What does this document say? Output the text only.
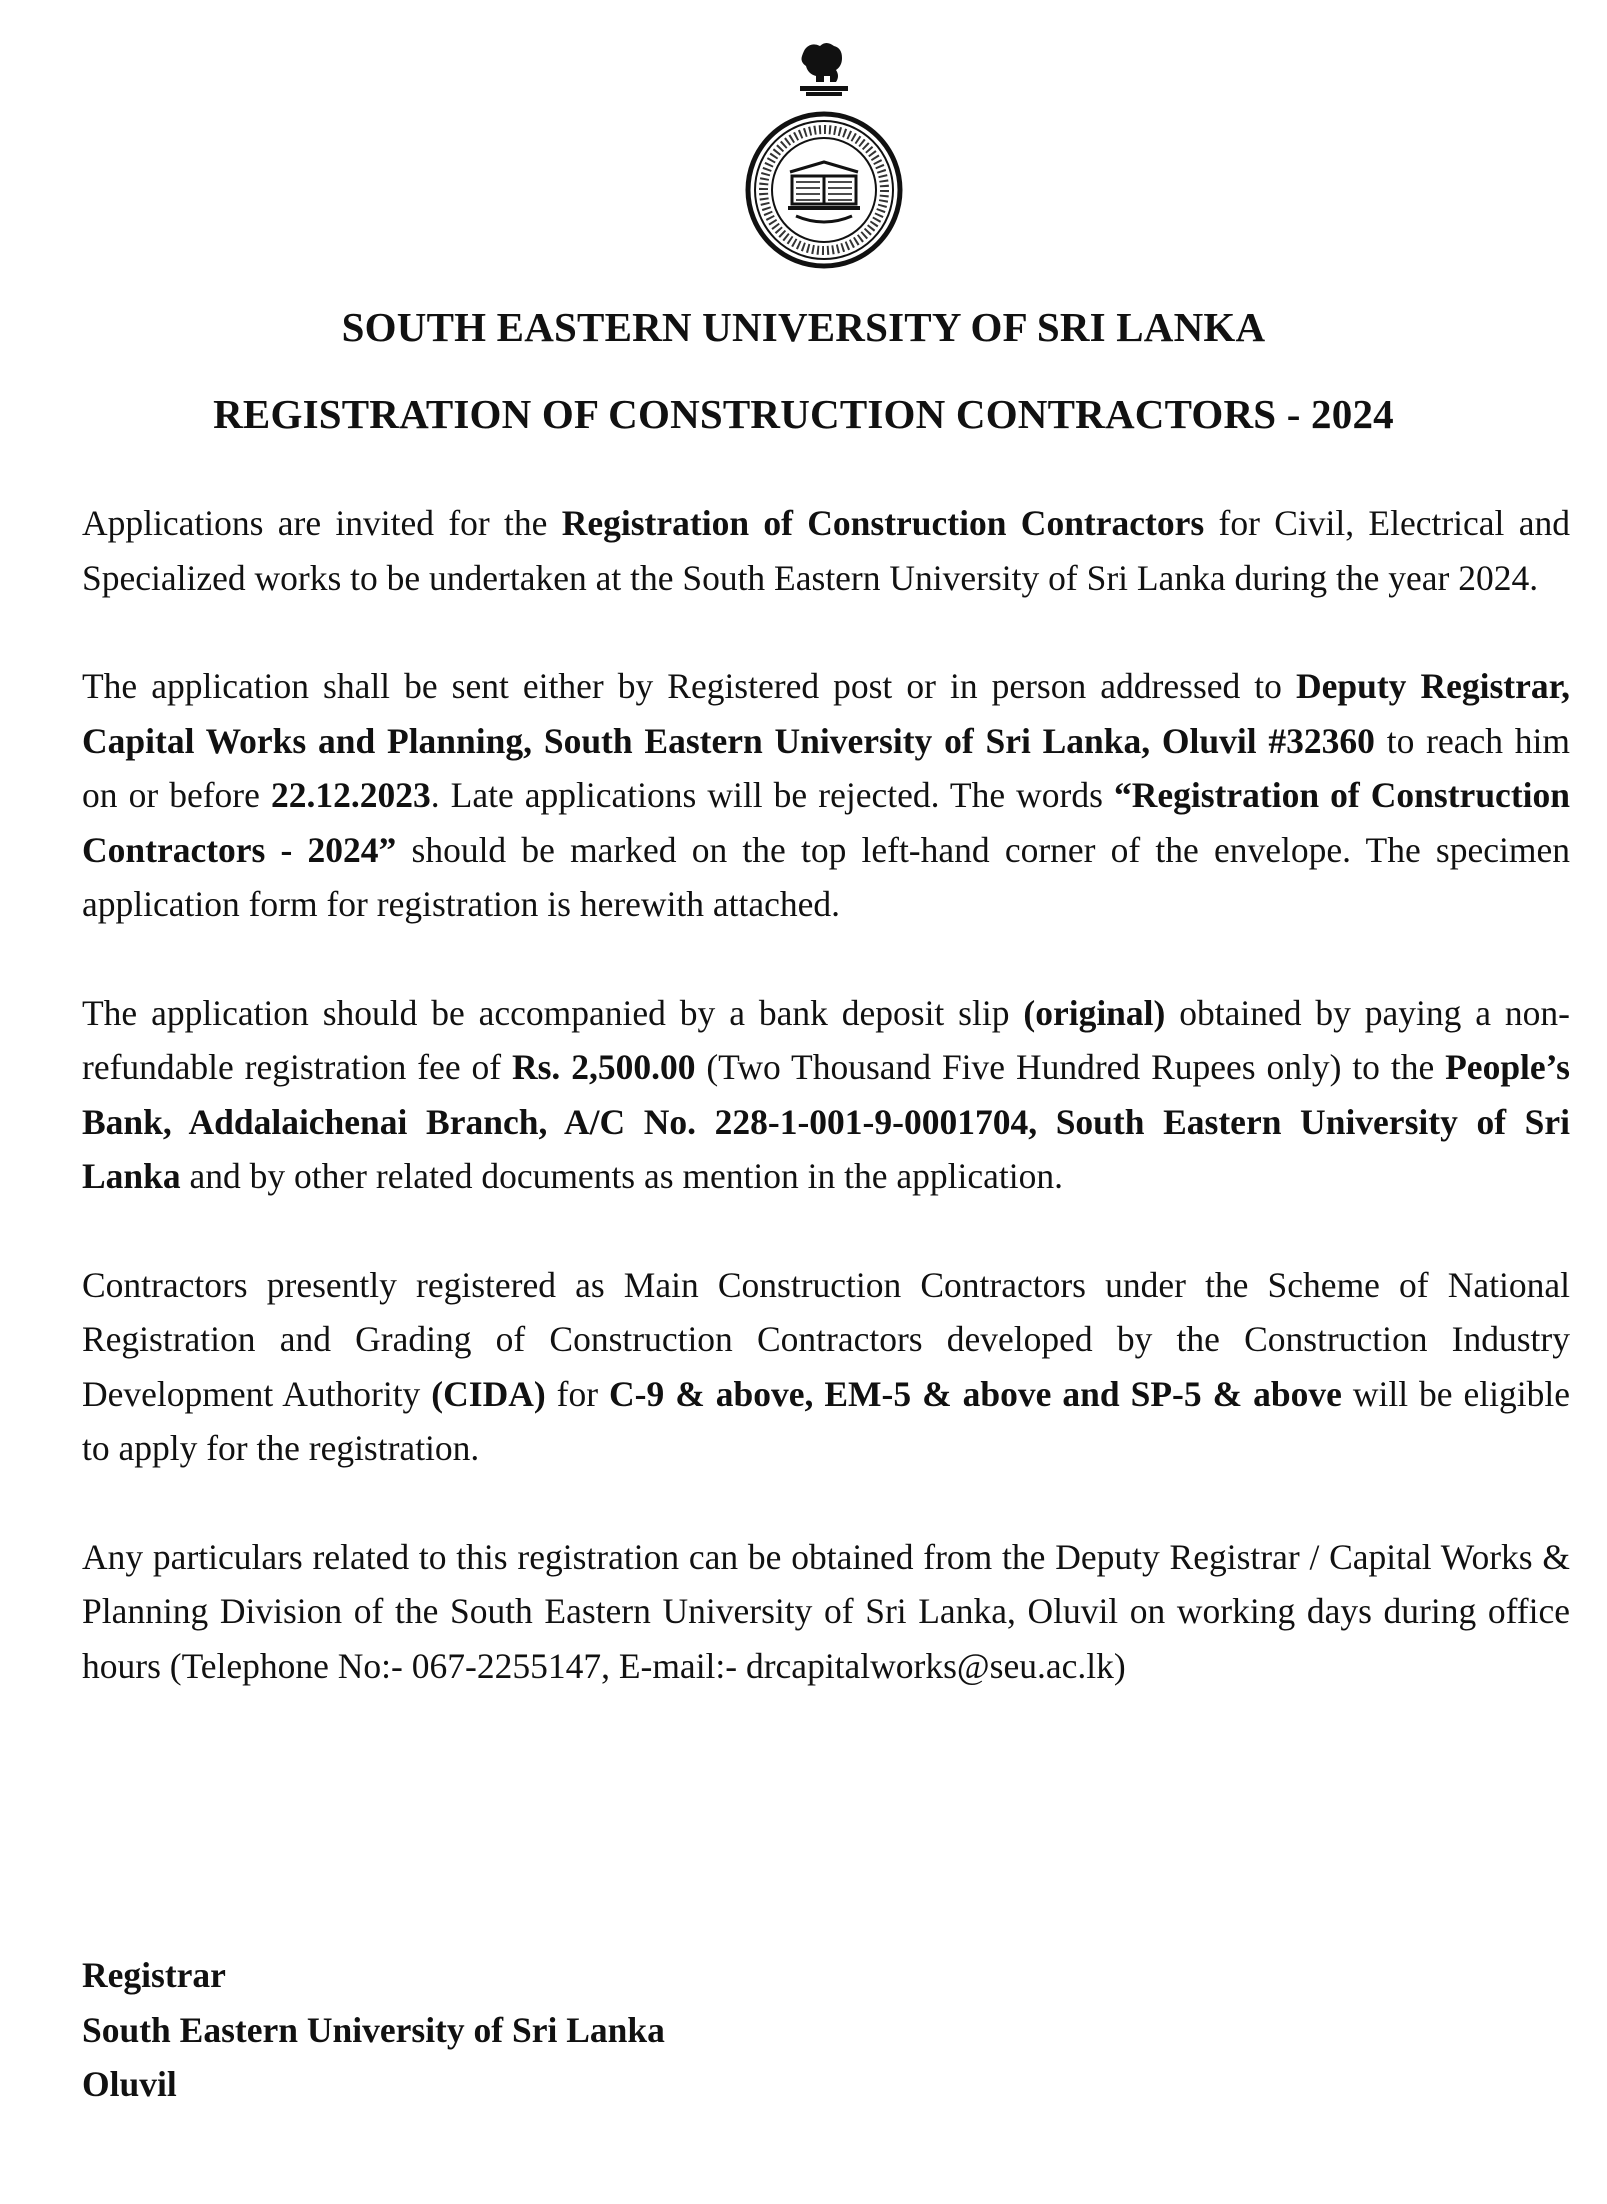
SOUTH EASTERN UNIVERSITY OF SRI LANKA
REGISTRATION OF CONSTRUCTION CONTRACTORS - 2024

Applications are invited for the Registration of Construction Contractors for Civil, Electrical and Specialized works to be undertaken at the South Eastern University of Sri Lanka during the year 2024.

The application shall be sent either by Registered post or in person addressed to Deputy Registrar, Capital Works and Planning, South Eastern University of Sri Lanka, Oluvil #32360 to reach him on or before 22.12.2023. Late applications will be rejected. The words “Registration of Construction Contractors - 2024” should be marked on the top left-hand corner of the envelope. The specimen application form for registration is herewith attached.

The application should be accompanied by a bank deposit slip (original) obtained by paying a non-refundable registration fee of Rs. 2,500.00 (Two Thousand Five Hundred Rupees only) to the People’s Bank, Addalaichenai Branch, A/C No. 228-1-001-9-0001704, South Eastern University of Sri Lanka and by other related documents as mention in the application.

Contractors presently registered as Main Construction Contractors under the Scheme of National Registration and Grading of Construction Contractors developed by the Construction Industry Development Authority (CIDA) for C-9 & above, EM-5 & above and SP-5 & above will be eligible to apply for the registration.

Any particulars related to this registration can be obtained from the Deputy Registrar / Capital Works & Planning Division of the South Eastern University of Sri Lanka, Oluvil on working days during office hours (Telephone No:- 067-2255147, E-mail:- drcapitalworks@seu.ac.lk)

Registrar
South Eastern University of Sri Lanka
Oluvil
